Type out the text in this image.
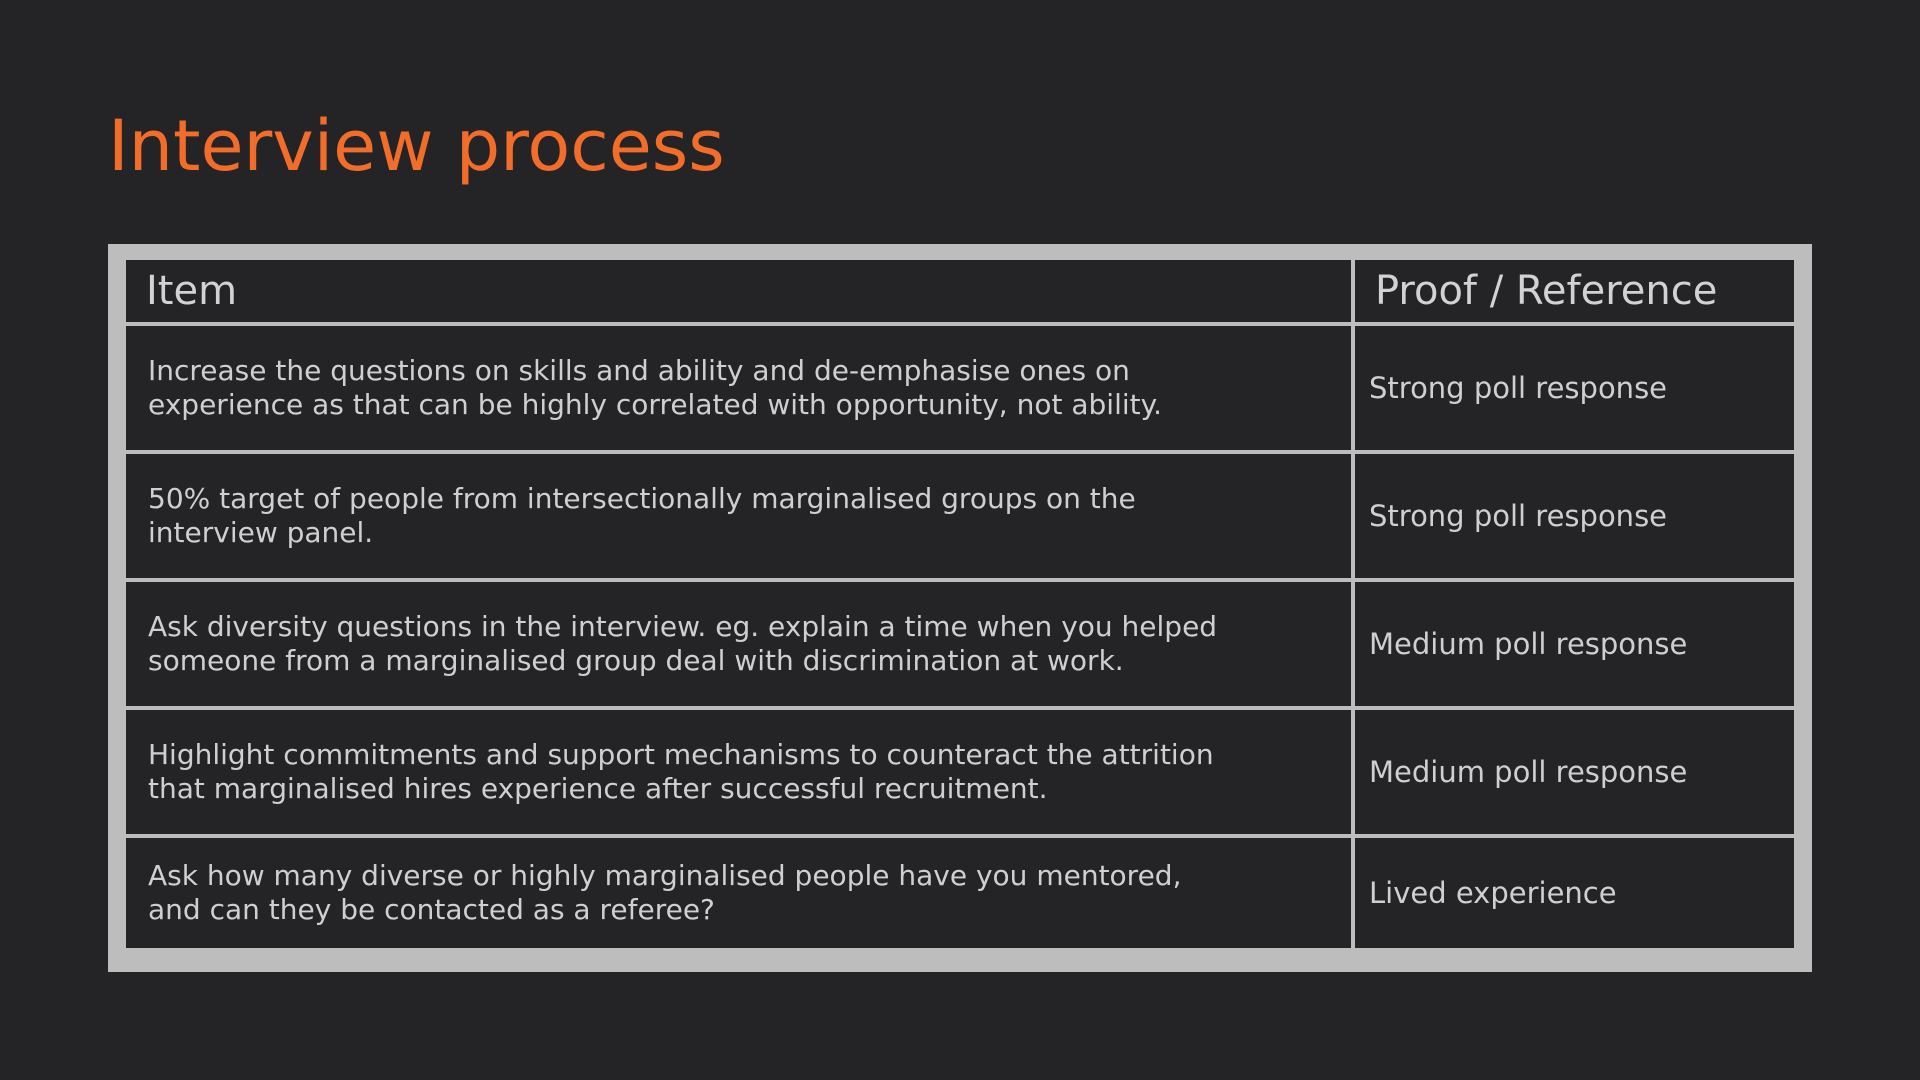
Interview process
Item	Proof / Reference
Increase the questions on skills and ability and de-emphasise ones on experience as that can be highly correlated with opportunity, not ability.	Strong poll response
50% target of people from intersectionally marginalised groups on the interview panel.	Strong poll response
Ask diversity questions in the interview. eg. explain a time when you helped someone from a marginalised group deal with discrimination at work.	Medium poll response
Highlight commitments and support mechanisms to counteract the attrition that marginalised hires experience after successful recruitment.	Medium poll response
Ask how many diverse or highly marginalised people have you mentored, and can they be contacted as a referee?	Lived experience
